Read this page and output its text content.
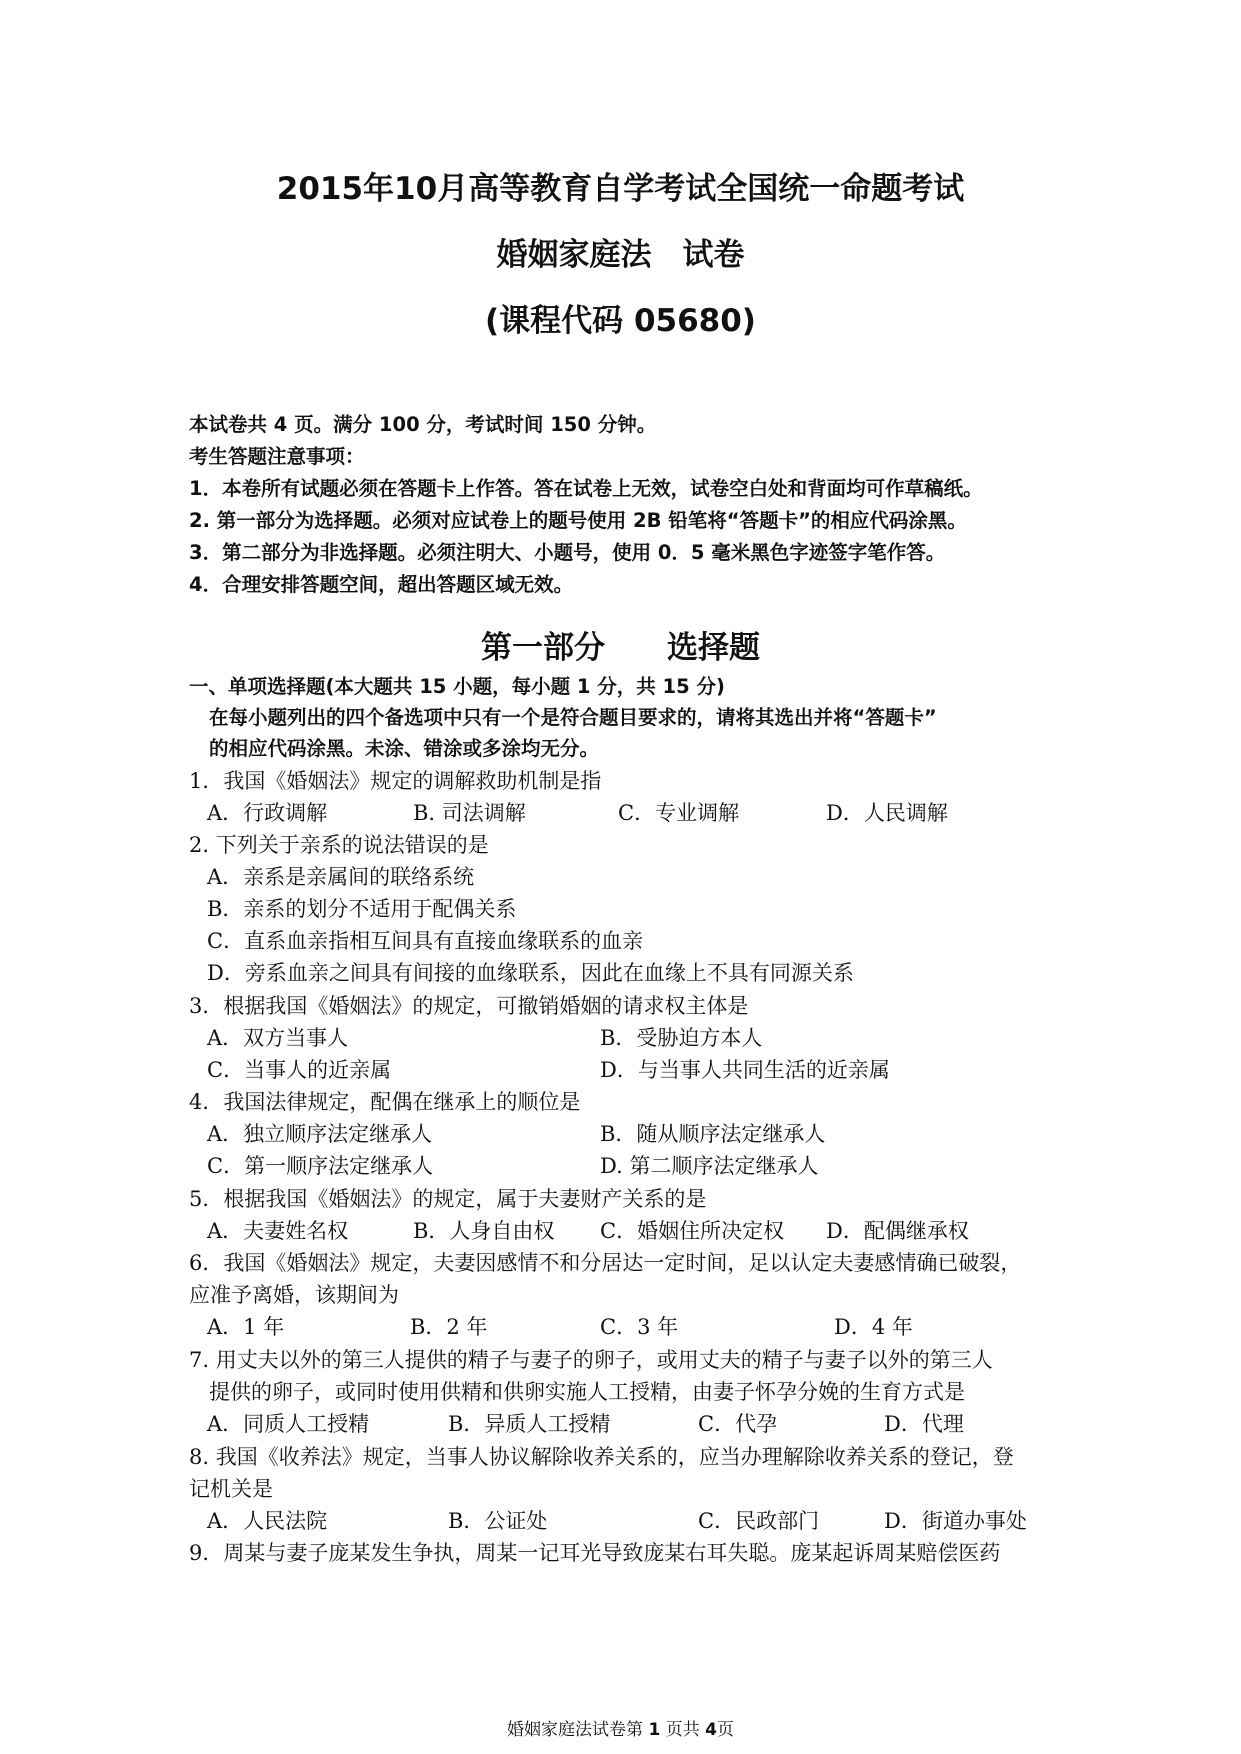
2015年10月高等教育自学考试全国统一命题考试
婚姻家庭法　试卷
(课程代码 05680)
本试卷共 4 页。满分 100 分，考试时间 150 分钟。
考生答题注意事项：
1．本卷所有试题必须在答题卡上作答。答在试卷上无效，试卷空白处和背面均可作草稿纸。
2. 第一部分为选择题。必须对应试卷上的题号使用 2B 铅笔将“答题卡”的相应代码涂黑。
3．第二部分为非选择题。必须注明大、小题号，使用 0．5 毫米黑色字迹签字笔作答。
4．合理安排答题空间，超出答题区域无效。
第一部分　　选择题
一、单项选择题(本大题共 15 小题，每小题 1 分，共 15 分)
在每小题列出的四个备选项中只有一个是符合题目要求的，请将其选出并将“答题卡”
的相应代码涂黑。未涂、错涂或多涂均无分。
1．我国《婚姻法》规定的调解救助机制是指
A．行政调解	B. 司法调解	C．专业调解	D．人民调解
2. 下列关于亲系的说法错误的是
A．亲系是亲属间的联络系统
B．亲系的划分不适用于配偶关系
C．直系血亲指相互间具有直接血缘联系的血亲
D．旁系血亲之间具有间接的血缘联系，因此在血缘上不具有同源关系
3．根据我国《婚姻法》的规定，可撤销婚姻的请求权主体是
A．双方当事人	B．受胁迫方本人
C．当事人的近亲属	D．与当事人共同生活的近亲属
4．我国法律规定，配偶在继承上的顺位是
A．独立顺序法定继承人	B．随从顺序法定继承人
C．第一顺序法定继承人	D. 第二顺序法定继承人
5．根据我国《婚姻法》的规定，属于夫妻财产关系的是
A．夫妻姓名权	B．人身自由权 C．婚姻住所决定权 D．配偶继承权
6．我国《婚姻法》规定，夫妻因感情不和分居达一定时间，足以认定夫妻感情确已破裂，
应准予离婚，该期间为
A．1 年	B．2 年	C．3 年	D．4 年
7. 用丈夫以外的第三人提供的精子与妻子的卵子，或用丈夫的精子与妻子以外的第三人
提供的卵子，或同时使用供精和供卵实施人工授精，由妻子怀孕分娩的生育方式是
A．同质人工授精	B．异质人工授精	C．代孕	D．代理
8. 我国《收养法》规定，当事人协议解除收养关系的，应当办理解除收养关系的登记，登
记机关是
A．人民法院	B．公证处	C．民政部门	D．街道办事处
9．周某与妻子庞某发生争执，周某一记耳光导致庞某右耳失聪。庞某起诉周某赔偿医药
婚姻家庭法试卷第 1 页共 4页
